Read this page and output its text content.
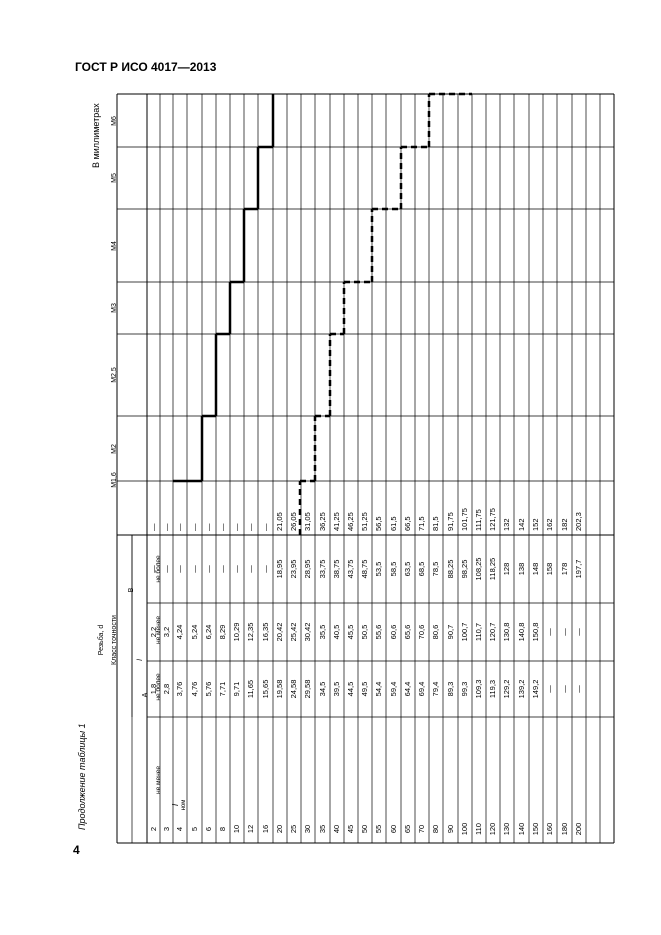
ГОСТ Р ИСО 4017—2013
4
Продолжение таблицы 1
В миллиметрах
Резьба, d Класс точности
A
B
l
l ном
не менее
не более
не менее
не более
M1,6
M2
M2,5
M3
M4
M5
M6
2
1,8
2,2
—
—
3
2,8
3,2
—
—
4
3,76
4,24
—
—
5
4,76
5,24
—
—
6
5,76
6,24
—
—
8
7,71
8,29
—
—
10
9,71
10,29
—
—
12
11,65
12,35
—
—
16
15,65
16,35
—
—
20
19,58
20,42
18,95
21,05
25
24,58
25,42
23,95
26,05
30
29,58
30,42
28,95
31,05
35
34,5
35,5
33,75
36,25
40
39,5
40,5
38,75
41,25
45
44,5
45,5
43,75
46,25
50
49,5
50,5
48,75
51,25
55
54,4
55,6
53,5
56,5
60
59,4
60,6
58,5
61,5
65
64,4
65,6
63,5
66,5
70
69,4
70,6
68,5
71,5
80
79,4
80,6
78,5
81,5
90
89,3
90,7
88,25
91,75
100
99,3
100,7
98,25
101,75
110
109,3
110,7
108,25
111,75
120
119,3
120,7
118,25
121,75
130
129,2
130,8
128
132
140
139,2
140,8
138
142
150
149,2
150,8
148
152
160
—
—
158
162
180
—
—
178
182
200
—
—
197,7
202,3
